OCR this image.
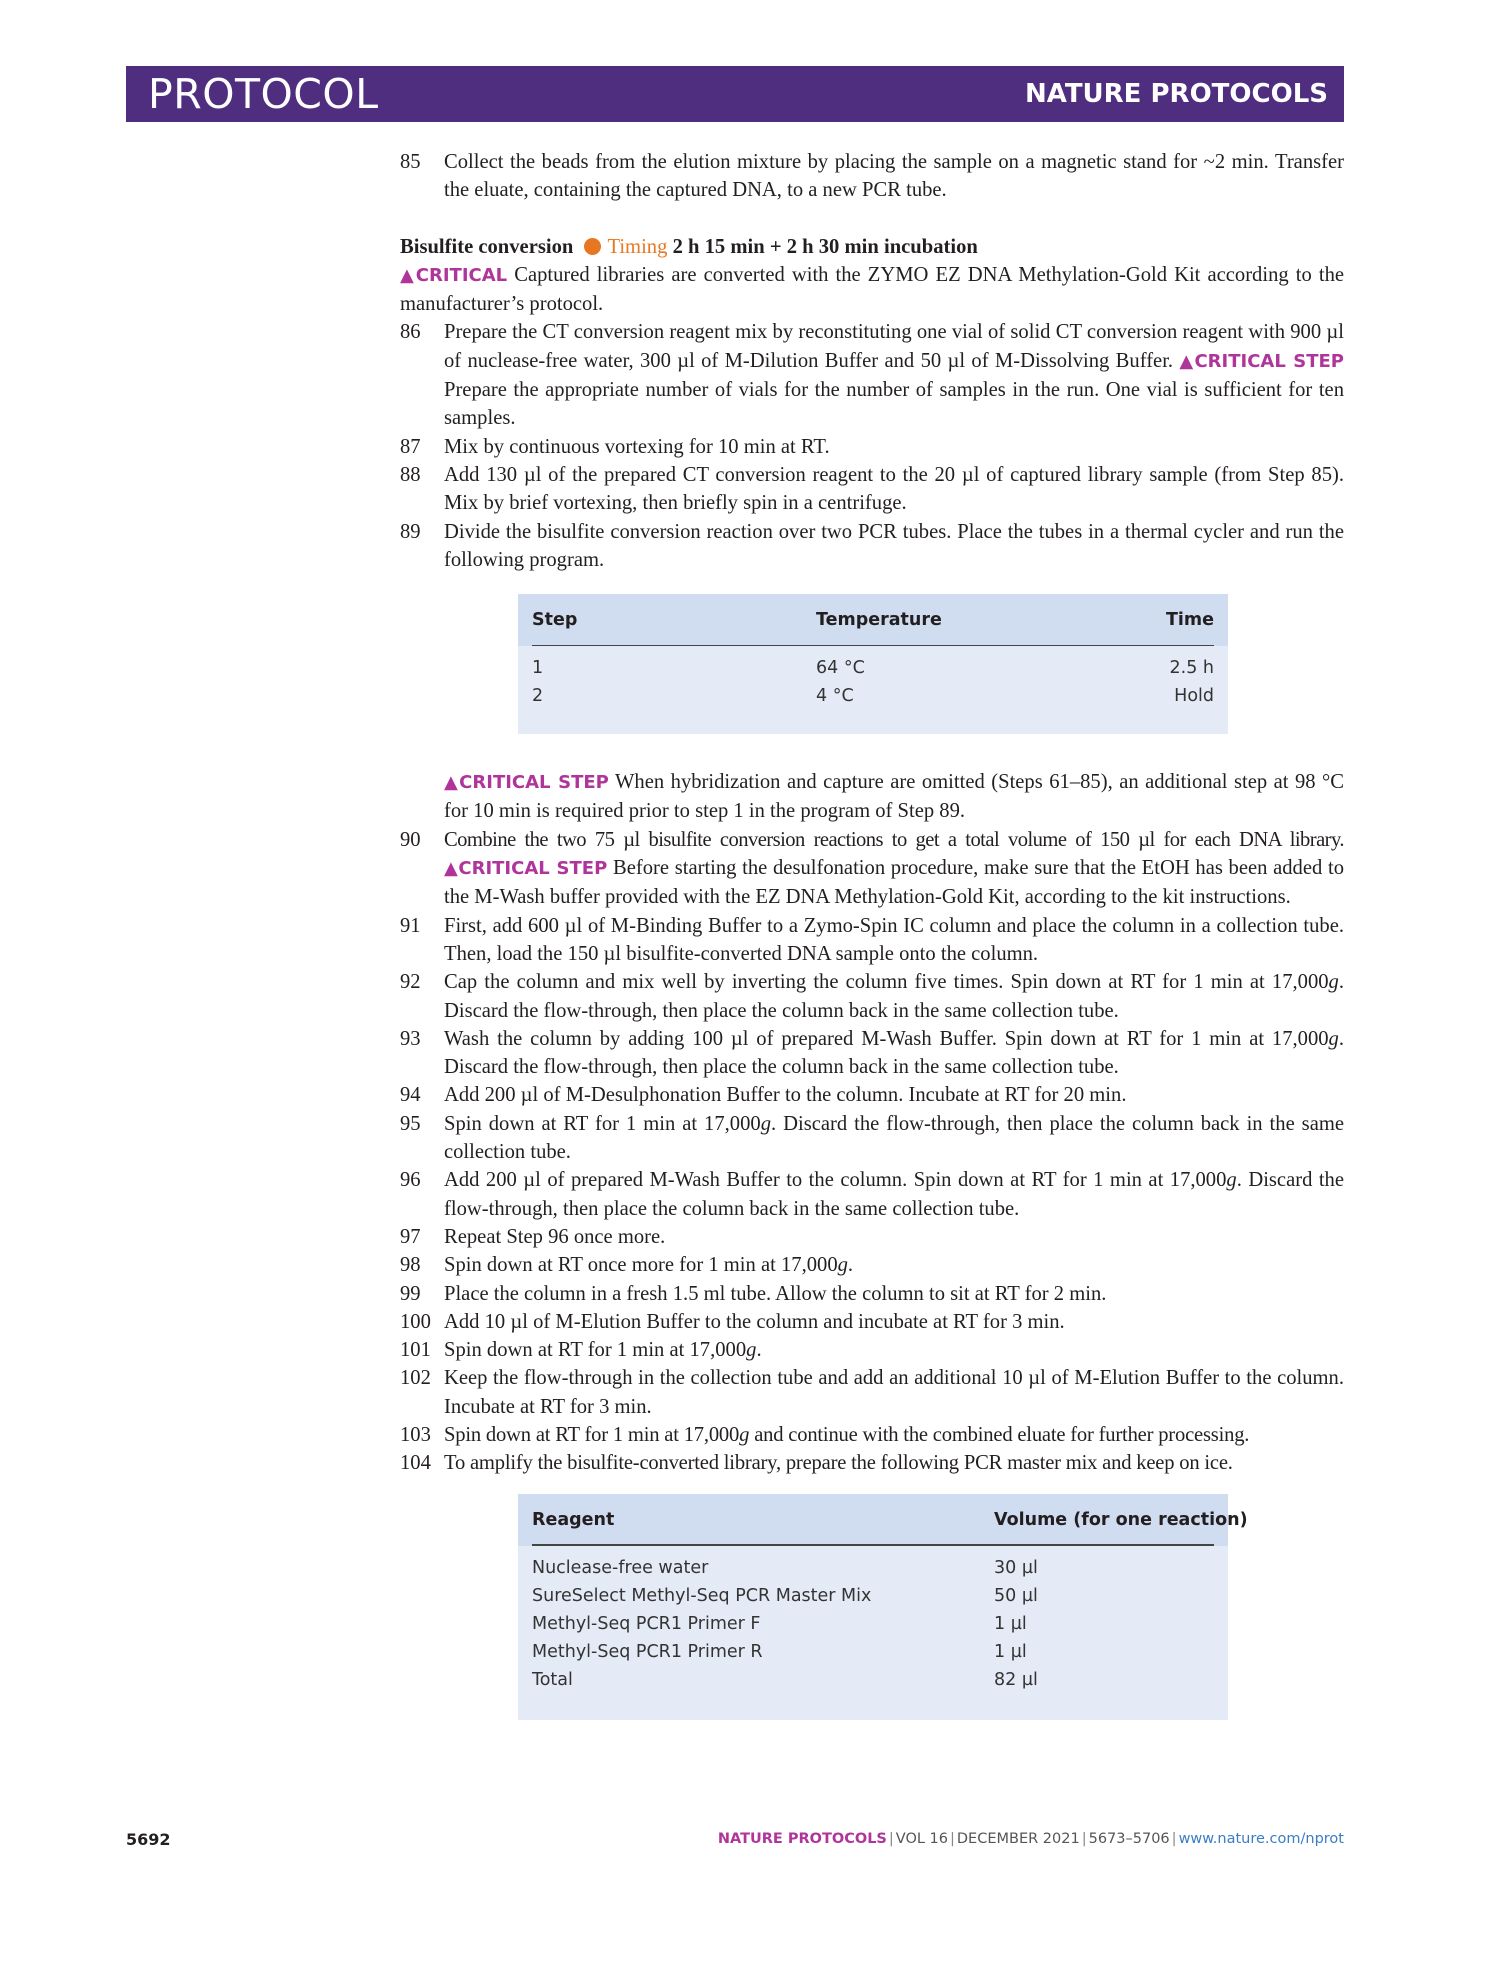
PROTOCOL	NATURE PROTOCOLS
85 Collect the beads from the elution mixture by placing the sample on a magnetic stand for ~2 min. Transfer the eluate, containing the captured DNA, to a new PCR tube.
Bisulfite conversion Timing 2 h 15 min + 2 h 30 min incubation
▲CRITICAL Captured libraries are converted with the ZYMO EZ DNA Methylation-Gold Kit according to the manufacturer’s protocol.
86 Prepare the CT conversion reagent mix by reconstituting one vial of solid CT conversion reagent with 900 µl of nuclease-free water, 300 µl of M-Dilution Buffer and 50 µl of M-Dissolving Buffer. ▲CRITICAL STEP Prepare the appropriate number of vials for the number of samples in the run. One vial is sufficient for ten samples.
87 Mix by continuous vortexing for 10 min at RT.
88 Add 130 µl of the prepared CT conversion reagent to the 20 µl of captured library sample (from Step 85). Mix by brief vortexing, then briefly spin in a centrifuge.
89 Divide the bisulfite conversion reaction over two PCR tubes. Place the tubes in a thermal cycler and run the following program.
Step	Temperature	Time
1	64 °C	2.5 h
2	4 °C	Hold
▲CRITICAL STEP When hybridization and capture are omitted (Steps 61–85), an additional step at 98 °C for 10 min is required prior to step 1 in the program of Step 89.
90 Combine the two 75 µl bisulfite conversion reactions to get a total volume of 150 µl for each DNA library. ▲CRITICAL STEP Before starting the desulfonation procedure, make sure that the EtOH has been added to the M-Wash buffer provided with the EZ DNA Methylation-Gold Kit, according to the kit instructions.
91 First, add 600 µl of M-Binding Buffer to a Zymo-Spin IC column and place the column in a collection tube. Then, load the 150 µl bisulfite-converted DNA sample onto the column.
92 Cap the column and mix well by inverting the column five times. Spin down at RT for 1 min at 17,000g. Discard the flow-through, then place the column back in the same collection tube.
93 Wash the column by adding 100 µl of prepared M-Wash Buffer. Spin down at RT for 1 min at 17,000g. Discard the flow-through, then place the column back in the same collection tube.
94 Add 200 µl of M-Desulphonation Buffer to the column. Incubate at RT for 20 min.
95 Spin down at RT for 1 min at 17,000g. Discard the flow-through, then place the column back in the same collection tube.
96 Add 200 µl of prepared M-Wash Buffer to the column. Spin down at RT for 1 min at 17,000g. Discard the flow-through, then place the column back in the same collection tube.
97 Repeat Step 96 once more.
98 Spin down at RT once more for 1 min at 17,000g.
99 Place the column in a fresh 1.5 ml tube. Allow the column to sit at RT for 2 min.
100 Add 10 µl of M-Elution Buffer to the column and incubate at RT for 3 min.
101 Spin down at RT for 1 min at 17,000g.
102 Keep the flow-through in the collection tube and add an additional 10 µl of M-Elution Buffer to the column. Incubate at RT for 3 min.
103 Spin down at RT for 1 min at 17,000g and continue with the combined eluate for further processing.
104 To amplify the bisulfite-converted library, prepare the following PCR master mix and keep on ice.
Reagent	Volume (for one reaction)
Nuclease-free water	30 µl
SureSelect Methyl-Seq PCR Master Mix	50 µl
Methyl-Seq PCR1 Primer F	1 µl
Methyl-Seq PCR1 Primer R	1 µl
Total	82 µl
5692	NATURE PROTOCOLS | VOL 16 | DECEMBER 2021 | 5673–5706 | www.nature.com/nprot
